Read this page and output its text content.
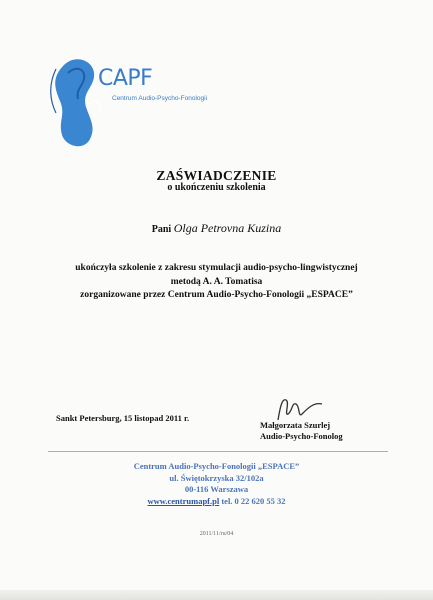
CAPF
Centrum Audio-Psycho-Fonologii
ZAŚWIADCZENIE
o ukończeniu szkolenia
Pani Olga Petrovna Kuzina
ukończyła szkolenie z zakresu stymulacji audio-psycho-lingwistycznej
metodą A. A. Tomatisa
zorganizowane przez Centrum Audio-Psycho-Fonologii „ESPACE”
Sankt Petersburg, 15 listopad 2011 r.
Małgorzata Szurlej
Audio-Psycho-Fonolog
Centrum Audio-Psycho-Fonologii „ESPACE”
ul. Świętokrzyska 32/102a
00-116 Warszawa
www.centrumapf.pl tel. 0 22 620 55 32
2011/11/ru/04
